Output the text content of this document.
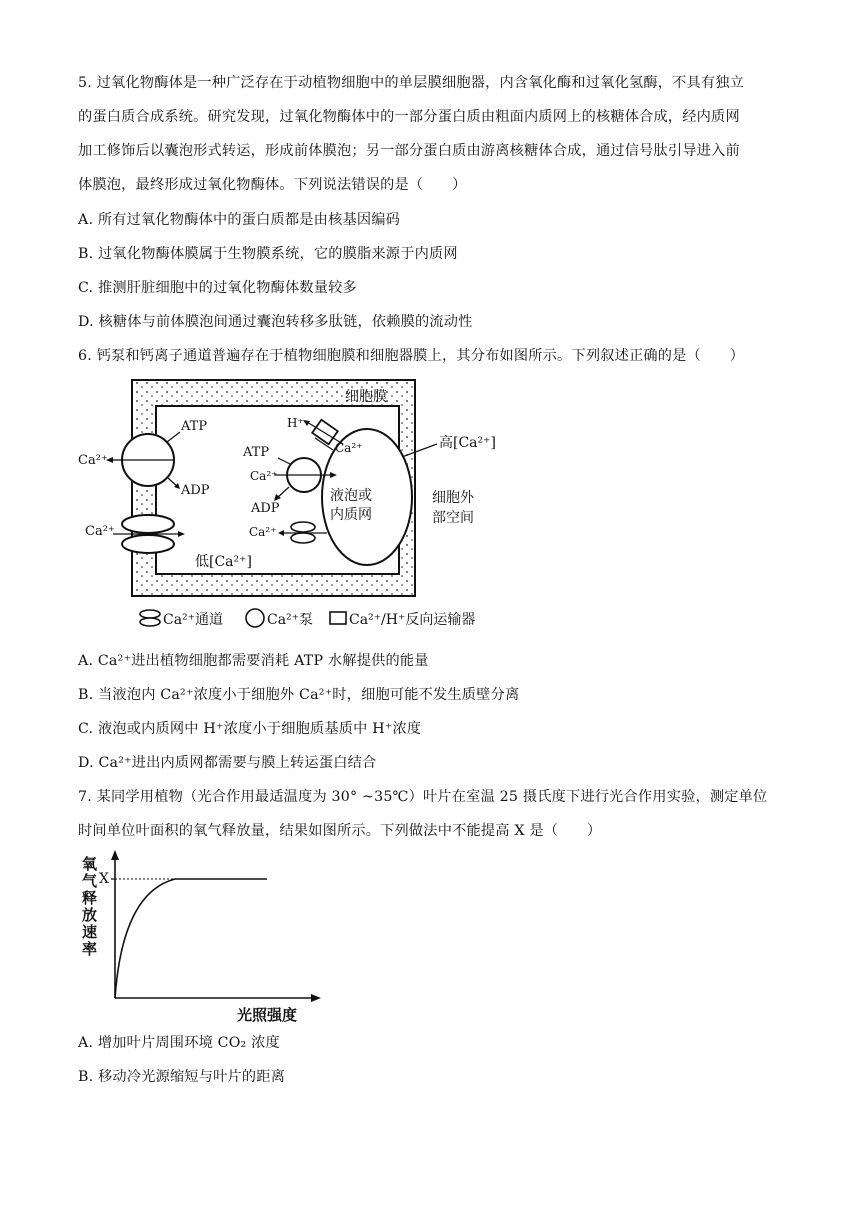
5. 过氧化物酶体是一种广泛存在于动植物细胞中的单层膜细胞器，内含氧化酶和过氧化氢酶，不具有独立
的蛋白质合成系统。研究发现，过氧化物酶体中的一部分蛋白质由粗面内质网上的核糖体合成，经内质网
加工修饰后以囊泡形式转运，形成前体膜泡；另一部分蛋白质由游离核糖体合成，通过信号肽引导进入前
体膜泡，最终形成过氧化物酶体。下列说法错误的是（　　）
A. 所有过氧化物酶体中的蛋白质都是由核基因编码
B. 过氧化物酶体膜属于生物膜系统，它的膜脂来源于内质网
C. 推测肝脏细胞中的过氧化物酶体数量较多
D. 核糖体与前体膜泡间通过囊泡转移多肽链，依赖膜的流动性
6. 钙泵和钙离子通道普遍存在于植物细胞膜和细胞器膜上，其分布如图所示。下列叙述正确的是（　　）
细胞膜
细胞外
部空间
高[Ca²⁺]
液泡或
内质网
Ca²⁺
ATP
ADP
Ca²⁺
低[Ca²⁺]
Ca²⁺
ATP
ADP
H⁺
Ca²⁺
Ca²⁺
Ca²⁺通道	Ca²⁺泵	Ca²⁺/H⁺反向运输器
A. Ca²⁺进出植物细胞都需要消耗 ATP 水解提供的能量
B. 当液泡内 Ca²⁺浓度小于细胞外 Ca²⁺时，细胞可能不发生质壁分离
C. 液泡或内质网中 H⁺浓度小于细胞质基质中 H⁺浓度
D. Ca²⁺进出内质网都需要与膜上转运蛋白结合
7. 某同学用植物（光合作用最适温度为 30° ~35℃）叶片在室温 25 摄氏度下进行光合作用实验，测定单位
时间单位叶面积的氧气释放量，结果如图所示。下列做法中不能提高 X 是（　　）
氧气释放速率 X
光照强度
A. 增加叶片周围环境 CO₂ 浓度
B. 移动冷光源缩短与叶片的距离
